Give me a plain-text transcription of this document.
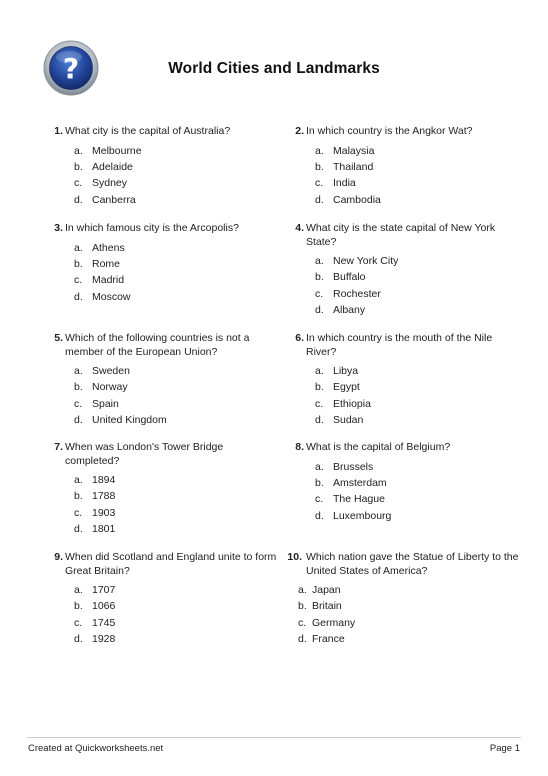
?	World Cities and Landmarks
1. What city is the capital of Australia?
a. Melbourne
b. Adelaide
c. Sydney
d. Canberra
2. In which country is the Angkor Wat?
a. Malaysia
b. Thailand
c. India
d. Cambodia
3. In which famous city is the Arcopolis?
a. Athens
b. Rome
c. Madrid
d. Moscow
4. What city is the state capital of New York State?
a. New York City
b. Buffalo
c. Rochester
d. Albany
5. Which of the following countries is not a member of the European Union?
a. Sweden
b. Norway
c. Spain
d. United Kingdom
6. In which country is the mouth of the Nile River?
a. Libya
b. Egypt
c. Ethiopia
d. Sudan
7. When was London's Tower Bridge completed?
a. 1894
b. 1788
c. 1903
d. 1801
8. What is the capital of Belgium?
a. Brussels
b. Amsterdam
c. The Hague
d. Luxembourg
9. When did Scotland and England unite to form Great Britain?
a. 1707
b. 1066
c. 1745
d. 1928
10. Which nation gave the Statue of Liberty to the United States of America?
a. Japan
b. Britain
c. Germany
d. France
Created at Quickworksheets.net	Page 1
